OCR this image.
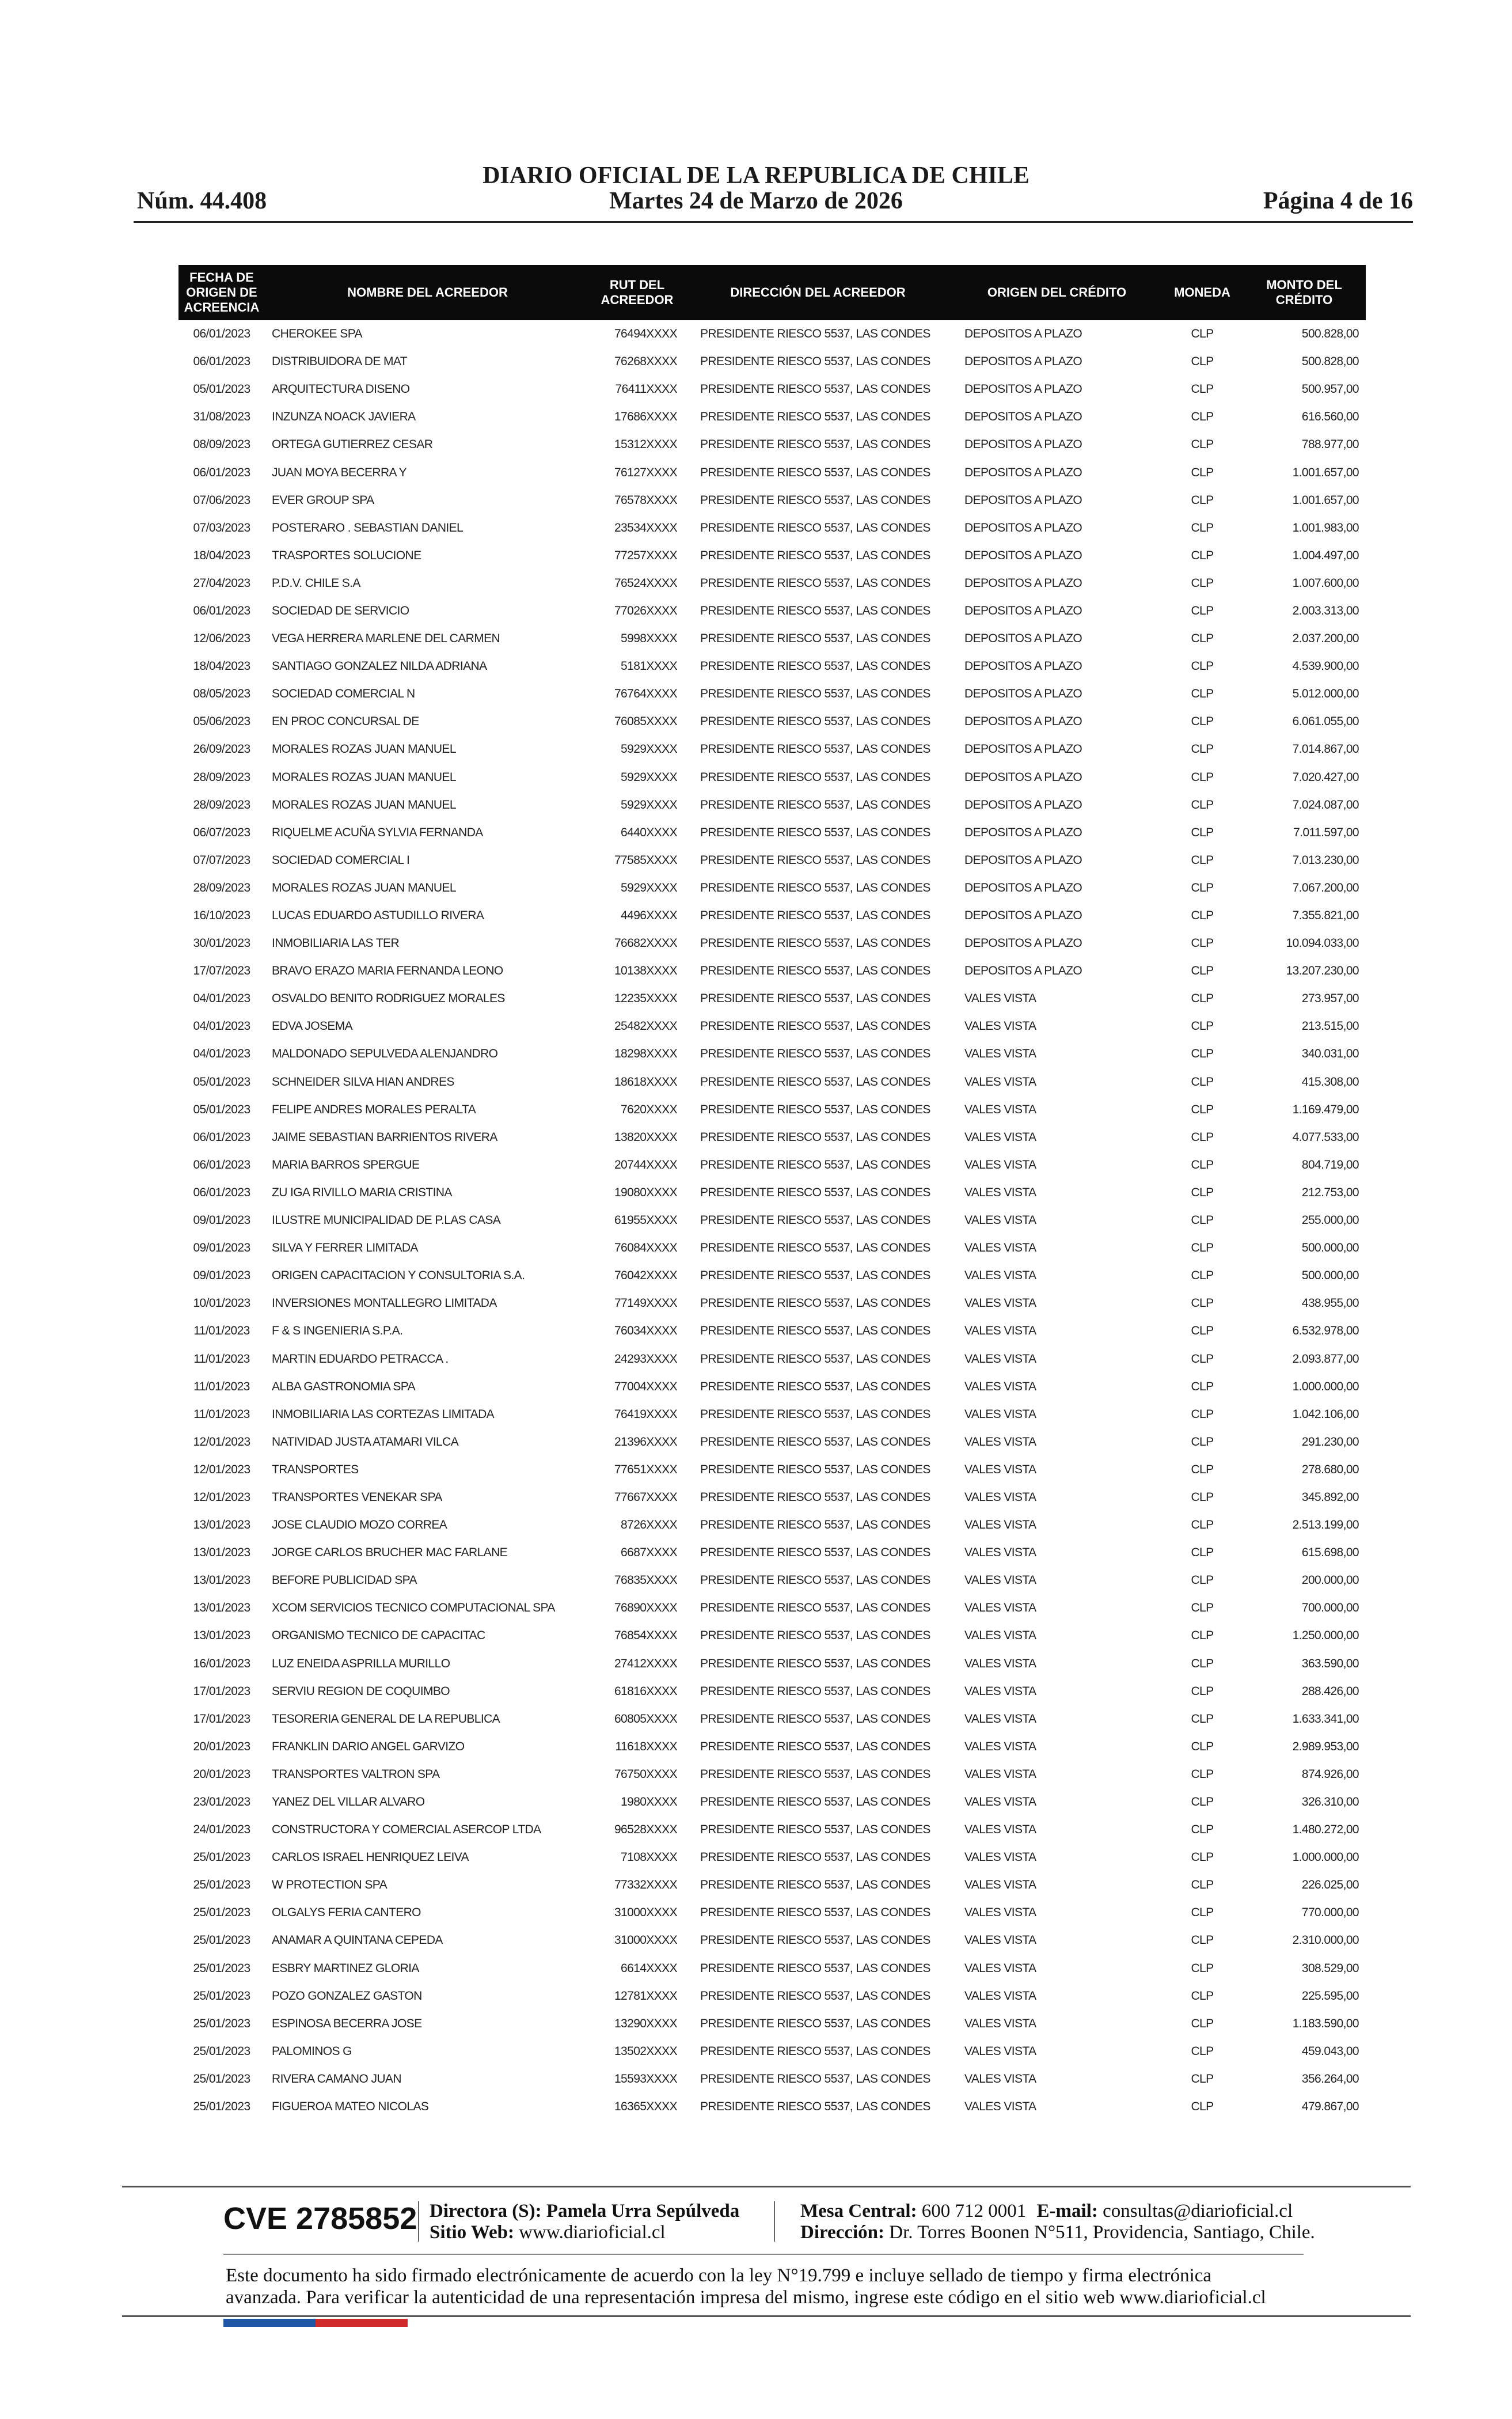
DIARIO OFICIAL DE LA REPUBLICA DE CHILE
Núm. 44.408	Martes 24 de Marzo de 2026	Página 4 de 16
FECHA DE ORIGEN DE ACREENCIA	NOMBRE DEL ACREEDOR	RUT DEL ACREEDOR	DIRECCIÓN DEL ACREEDOR	ORIGEN DEL CRÉDITO	MONEDA	MONTO DEL CRÉDITO
06/01/2023	CHEROKEE SPA	76494XXXX	PRESIDENTE RIESCO 5537, LAS CONDES	DEPOSITOS A PLAZO	CLP	500.828,00
06/01/2023	DISTRIBUIDORA DE MAT	76268XXXX	PRESIDENTE RIESCO 5537, LAS CONDES	DEPOSITOS A PLAZO	CLP	500.828,00
05/01/2023	ARQUITECTURA DISENO	76411XXXX	PRESIDENTE RIESCO 5537, LAS CONDES	DEPOSITOS A PLAZO	CLP	500.957,00
31/08/2023	INZUNZA NOACK JAVIERA	17686XXXX	PRESIDENTE RIESCO 5537, LAS CONDES	DEPOSITOS A PLAZO	CLP	616.560,00
08/09/2023	ORTEGA GUTIERREZ CESAR	15312XXXX	PRESIDENTE RIESCO 5537, LAS CONDES	DEPOSITOS A PLAZO	CLP	788.977,00
06/01/2023	JUAN MOYA BECERRA Y	76127XXXX	PRESIDENTE RIESCO 5537, LAS CONDES	DEPOSITOS A PLAZO	CLP	1.001.657,00
07/06/2023	EVER GROUP SPA	76578XXXX	PRESIDENTE RIESCO 5537, LAS CONDES	DEPOSITOS A PLAZO	CLP	1.001.657,00
07/03/2023	POSTERARO . SEBASTIAN DANIEL	23534XXXX	PRESIDENTE RIESCO 5537, LAS CONDES	DEPOSITOS A PLAZO	CLP	1.001.983,00
18/04/2023	TRASPORTES SOLUCIONE	77257XXXX	PRESIDENTE RIESCO 5537, LAS CONDES	DEPOSITOS A PLAZO	CLP	1.004.497,00
27/04/2023	P.D.V. CHILE S.A	76524XXXX	PRESIDENTE RIESCO 5537, LAS CONDES	DEPOSITOS A PLAZO	CLP	1.007.600,00
06/01/2023	SOCIEDAD DE SERVICIO	77026XXXX	PRESIDENTE RIESCO 5537, LAS CONDES	DEPOSITOS A PLAZO	CLP	2.003.313,00
12/06/2023	VEGA HERRERA MARLENE DEL CARMEN	5998XXXX	PRESIDENTE RIESCO 5537, LAS CONDES	DEPOSITOS A PLAZO	CLP	2.037.200,00
18/04/2023	SANTIAGO GONZALEZ NILDA ADRIANA	5181XXXX	PRESIDENTE RIESCO 5537, LAS CONDES	DEPOSITOS A PLAZO	CLP	4.539.900,00
08/05/2023	SOCIEDAD COMERCIAL N	76764XXXX	PRESIDENTE RIESCO 5537, LAS CONDES	DEPOSITOS A PLAZO	CLP	5.012.000,00
05/06/2023	EN PROC CONCURSAL DE	76085XXXX	PRESIDENTE RIESCO 5537, LAS CONDES	DEPOSITOS A PLAZO	CLP	6.061.055,00
26/09/2023	MORALES ROZAS JUAN MANUEL	5929XXXX	PRESIDENTE RIESCO 5537, LAS CONDES	DEPOSITOS A PLAZO	CLP	7.014.867,00
28/09/2023	MORALES ROZAS JUAN MANUEL	5929XXXX	PRESIDENTE RIESCO 5537, LAS CONDES	DEPOSITOS A PLAZO	CLP	7.020.427,00
28/09/2023	MORALES ROZAS JUAN MANUEL	5929XXXX	PRESIDENTE RIESCO 5537, LAS CONDES	DEPOSITOS A PLAZO	CLP	7.024.087,00
06/07/2023	RIQUELME ACUÑA SYLVIA FERNANDA	6440XXXX	PRESIDENTE RIESCO 5537, LAS CONDES	DEPOSITOS A PLAZO	CLP	7.011.597,00
07/07/2023	SOCIEDAD COMERCIAL I	77585XXXX	PRESIDENTE RIESCO 5537, LAS CONDES	DEPOSITOS A PLAZO	CLP	7.013.230,00
28/09/2023	MORALES ROZAS JUAN MANUEL	5929XXXX	PRESIDENTE RIESCO 5537, LAS CONDES	DEPOSITOS A PLAZO	CLP	7.067.200,00
16/10/2023	LUCAS EDUARDO ASTUDILLO RIVERA	4496XXXX	PRESIDENTE RIESCO 5537, LAS CONDES	DEPOSITOS A PLAZO	CLP	7.355.821,00
30/01/2023	INMOBILIARIA LAS TER	76682XXXX	PRESIDENTE RIESCO 5537, LAS CONDES	DEPOSITOS A PLAZO	CLP	10.094.033,00
17/07/2023	BRAVO ERAZO MARIA FERNANDA LEONO	10138XXXX	PRESIDENTE RIESCO 5537, LAS CONDES	DEPOSITOS A PLAZO	CLP	13.207.230,00
04/01/2023	OSVALDO BENITO RODRIGUEZ MORALES	12235XXXX	PRESIDENTE RIESCO 5537, LAS CONDES	VALES VISTA	CLP	273.957,00
04/01/2023	EDVA JOSEMA	25482XXXX	PRESIDENTE RIESCO 5537, LAS CONDES	VALES VISTA	CLP	213.515,00
04/01/2023	MALDONADO SEPULVEDA ALENJANDRO	18298XXXX	PRESIDENTE RIESCO 5537, LAS CONDES	VALES VISTA	CLP	340.031,00
05/01/2023	SCHNEIDER SILVA HIAN ANDRES	18618XXXX	PRESIDENTE RIESCO 5537, LAS CONDES	VALES VISTA	CLP	415.308,00
05/01/2023	FELIPE ANDRES MORALES PERALTA	7620XXXX	PRESIDENTE RIESCO 5537, LAS CONDES	VALES VISTA	CLP	1.169.479,00
06/01/2023	JAIME SEBASTIAN BARRIENTOS RIVERA	13820XXXX	PRESIDENTE RIESCO 5537, LAS CONDES	VALES VISTA	CLP	4.077.533,00
06/01/2023	MARIA BARROS SPERGUE	20744XXXX	PRESIDENTE RIESCO 5537, LAS CONDES	VALES VISTA	CLP	804.719,00
06/01/2023	ZU IGA RIVILLO MARIA CRISTINA	19080XXXX	PRESIDENTE RIESCO 5537, LAS CONDES	VALES VISTA	CLP	212.753,00
09/01/2023	ILUSTRE MUNICIPALIDAD DE P.LAS CASA	61955XXXX	PRESIDENTE RIESCO 5537, LAS CONDES	VALES VISTA	CLP	255.000,00
09/01/2023	SILVA Y FERRER LIMITADA	76084XXXX	PRESIDENTE RIESCO 5537, LAS CONDES	VALES VISTA	CLP	500.000,00
09/01/2023	ORIGEN CAPACITACION Y CONSULTORIA S.A.	76042XXXX	PRESIDENTE RIESCO 5537, LAS CONDES	VALES VISTA	CLP	500.000,00
10/01/2023	INVERSIONES MONTALLEGRO LIMITADA	77149XXXX	PRESIDENTE RIESCO 5537, LAS CONDES	VALES VISTA	CLP	438.955,00
11/01/2023	F & S INGENIERIA S.P.A.	76034XXXX	PRESIDENTE RIESCO 5537, LAS CONDES	VALES VISTA	CLP	6.532.978,00
11/01/2023	MARTIN EDUARDO PETRACCA .	24293XXXX	PRESIDENTE RIESCO 5537, LAS CONDES	VALES VISTA	CLP	2.093.877,00
11/01/2023	ALBA GASTRONOMIA SPA	77004XXXX	PRESIDENTE RIESCO 5537, LAS CONDES	VALES VISTA	CLP	1.000.000,00
11/01/2023	INMOBILIARIA LAS CORTEZAS LIMITADA	76419XXXX	PRESIDENTE RIESCO 5537, LAS CONDES	VALES VISTA	CLP	1.042.106,00
12/01/2023	NATIVIDAD JUSTA ATAMARI VILCA	21396XXXX	PRESIDENTE RIESCO 5537, LAS CONDES	VALES VISTA	CLP	291.230,00
12/01/2023	TRANSPORTES	77651XXXX	PRESIDENTE RIESCO 5537, LAS CONDES	VALES VISTA	CLP	278.680,00
12/01/2023	TRANSPORTES VENEKAR SPA	77667XXXX	PRESIDENTE RIESCO 5537, LAS CONDES	VALES VISTA	CLP	345.892,00
13/01/2023	JOSE CLAUDIO MOZO CORREA	8726XXXX	PRESIDENTE RIESCO 5537, LAS CONDES	VALES VISTA	CLP	2.513.199,00
13/01/2023	JORGE CARLOS BRUCHER MAC FARLANE	6687XXXX	PRESIDENTE RIESCO 5537, LAS CONDES	VALES VISTA	CLP	615.698,00
13/01/2023	BEFORE PUBLICIDAD SPA	76835XXXX	PRESIDENTE RIESCO 5537, LAS CONDES	VALES VISTA	CLP	200.000,00
13/01/2023	XCOM SERVICIOS TECNICO COMPUTACIONAL SPA	76890XXXX	PRESIDENTE RIESCO 5537, LAS CONDES	VALES VISTA	CLP	700.000,00
13/01/2023	ORGANISMO TECNICO DE CAPACITAC	76854XXXX	PRESIDENTE RIESCO 5537, LAS CONDES	VALES VISTA	CLP	1.250.000,00
16/01/2023	LUZ ENEIDA ASPRILLA MURILLO	27412XXXX	PRESIDENTE RIESCO 5537, LAS CONDES	VALES VISTA	CLP	363.590,00
17/01/2023	SERVIU REGION DE COQUIMBO	61816XXXX	PRESIDENTE RIESCO 5537, LAS CONDES	VALES VISTA	CLP	288.426,00
17/01/2023	TESORERIA GENERAL DE LA REPUBLICA	60805XXXX	PRESIDENTE RIESCO 5537, LAS CONDES	VALES VISTA	CLP	1.633.341,00
20/01/2023	FRANKLIN DARIO ANGEL GARVIZO	11618XXXX	PRESIDENTE RIESCO 5537, LAS CONDES	VALES VISTA	CLP	2.989.953,00
20/01/2023	TRANSPORTES VALTRON SPA	76750XXXX	PRESIDENTE RIESCO 5537, LAS CONDES	VALES VISTA	CLP	874.926,00
23/01/2023	YANEZ DEL VILLAR ALVARO	1980XXXX	PRESIDENTE RIESCO 5537, LAS CONDES	VALES VISTA	CLP	326.310,00
24/01/2023	CONSTRUCTORA Y COMERCIAL ASERCOP LTDA	96528XXXX	PRESIDENTE RIESCO 5537, LAS CONDES	VALES VISTA	CLP	1.480.272,00
25/01/2023	CARLOS ISRAEL HENRIQUEZ LEIVA	7108XXXX	PRESIDENTE RIESCO 5537, LAS CONDES	VALES VISTA	CLP	1.000.000,00
25/01/2023	W PROTECTION SPA	77332XXXX	PRESIDENTE RIESCO 5537, LAS CONDES	VALES VISTA	CLP	226.025,00
25/01/2023	OLGALYS FERIA CANTERO	31000XXXX	PRESIDENTE RIESCO 5537, LAS CONDES	VALES VISTA	CLP	770.000,00
25/01/2023	ANAMAR A QUINTANA CEPEDA	31000XXXX	PRESIDENTE RIESCO 5537, LAS CONDES	VALES VISTA	CLP	2.310.000,00
25/01/2023	ESBRY MARTINEZ GLORIA	6614XXXX	PRESIDENTE RIESCO 5537, LAS CONDES	VALES VISTA	CLP	308.529,00
25/01/2023	POZO GONZALEZ GASTON	12781XXXX	PRESIDENTE RIESCO 5537, LAS CONDES	VALES VISTA	CLP	225.595,00
25/01/2023	ESPINOSA BECERRA JOSE	13290XXXX	PRESIDENTE RIESCO 5537, LAS CONDES	VALES VISTA	CLP	1.183.590,00
25/01/2023	PALOMINOS G	13502XXXX	PRESIDENTE RIESCO 5537, LAS CONDES	VALES VISTA	CLP	459.043,00
25/01/2023	RIVERA CAMANO JUAN	15593XXXX	PRESIDENTE RIESCO 5537, LAS CONDES	VALES VISTA	CLP	356.264,00
25/01/2023	FIGUEROA MATEO NICOLAS	16365XXXX	PRESIDENTE RIESCO 5537, LAS CONDES	VALES VISTA	CLP	479.867,00
CVE 2785852 Directora (S): Pamela Urra Sepúlveda
Sitio Web: www.diarioficial.cl
Mesa Central: 600 712 0001 E-mail: consultas@diarioficial.cl
Dirección: Dr. Torres Boonen N°511, Providencia, Santiago, Chile.
Este documento ha sido firmado electrónicamente de acuerdo con la ley N°19.799 e incluye sellado de tiempo y firma electrónica
avanzada. Para verificar la autenticidad de una representación impresa del mismo, ingrese este código en el sitio web www.diarioficial.cl
